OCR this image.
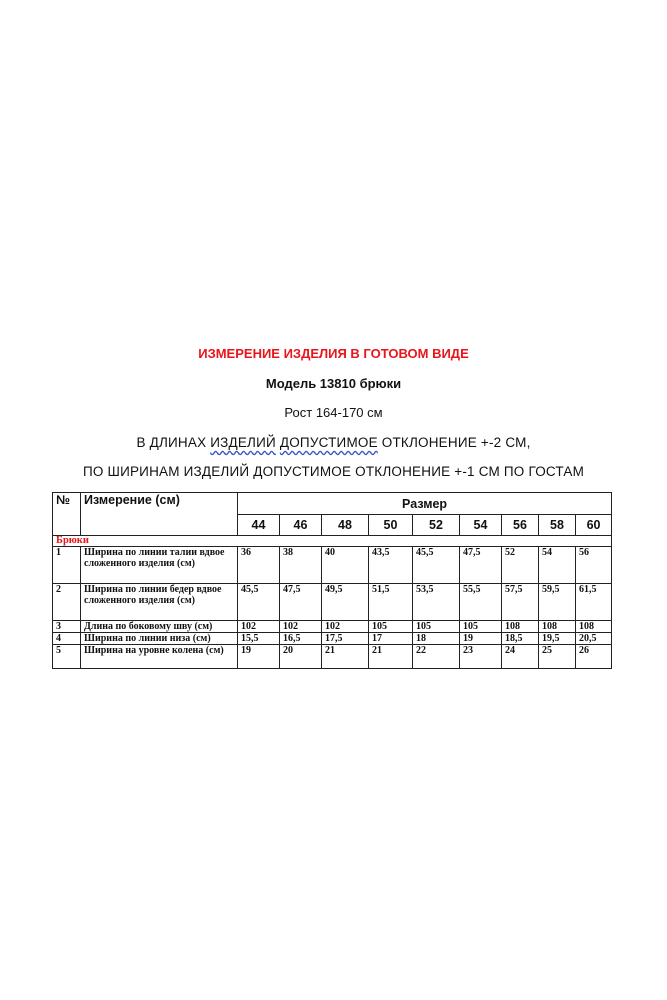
ИЗМЕРЕНИЕ ИЗДЕЛИЯ В ГОТОВОМ ВИДЕ
Модель 13810 брюки
Рост 164-170 см
В ДЛИНАХ ИЗДЕЛИЙ ДОПУСТИМОЕ ОТКЛОНЕНИЕ +-2 СМ,
ПО ШИРИНАМ ИЗДЕЛИЙ ДОПУСТИМОЕ ОТКЛОНЕНИЕ +-1 СМ ПО ГОСТАМ
№	Измерение (см)	Размер								
		44	46	48	50	52	54	56	58	60
Брюки										
1	Ширина по линии талии вдвое сложенного изделия (см)	36	38	40	43,5	45,5	47,5	52	54	56
2	Ширина по линии бедер вдвое сложенного изделия (см)	45,5	47,5	49,5	51,5	53,5	55,5	57,5	59,5	61,5
3	Длина по боковому шву (см)	102	102	102	105	105	105	108	108	108
4	Ширина по линии низа (см)	15,5	16,5	17,5	17	18	19	18,5	19,5	20,5
5	Ширина на уровне колена (см)	19	20	21	21	22	23	24	25	26
